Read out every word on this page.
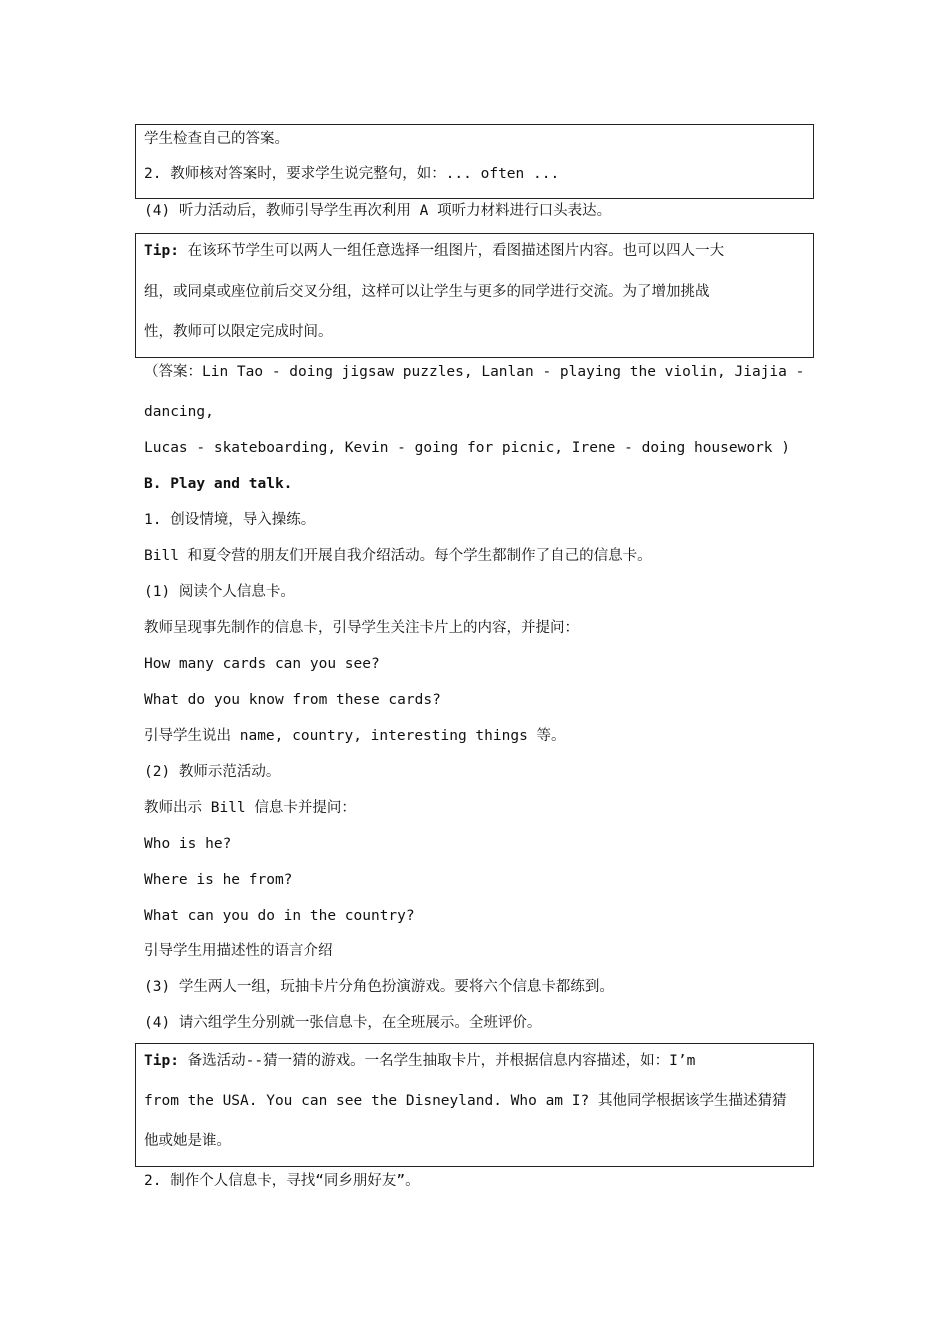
学生检查自己的答案。
2. 教师核对答案时，要求学生说完整句，如：... often ...
(4) 听力活动后，教师引导学生再次利用 A 项听力材料进行口头表达。
Tip: 在该环节学生可以两人一组任意选择一组图片，看图描述图片内容。也可以四人一大
组，或同桌或座位前后交叉分组，这样可以让学生与更多的同学进行交流。为了增加挑战
性，教师可以限定完成时间。
（答案：Lin Tao - doing jigsaw puzzles, Lanlan - playing the violin, Jiajia -
dancing,
Lucas - skateboarding, Kevin - going for picnic, Irene - doing housework )
B. Play and talk.
1. 创设情境，导入操练。
Bill 和夏令营的朋友们开展自我介绍活动。每个学生都制作了自己的信息卡。
(1) 阅读个人信息卡。
教师呈现事先制作的信息卡，引导学生关注卡片上的内容，并提问：
How many cards can you see?
What do you know from these cards?
引导学生说出 name, country, interesting things 等。
(2) 教师示范活动。
教师出示 Bill 信息卡并提问：
Who is he?
Where is he from?
What can you do in the country?
引导学生用描述性的语言介绍
(3) 学生两人一组，玩抽卡片分角色扮演游戏。要将六个信息卡都练到。
(4) 请六组学生分别就一张信息卡，在全班展示。全班评价。
Tip: 备选活动--猜一猜的游戏。一名学生抽取卡片，并根据信息内容描述，如：I’m
from the USA. You can see the Disneyland. Who am I? 其他同学根据该学生描述猜猜
他或她是谁。
2. 制作个人信息卡，寻找“同乡朋好友”。
